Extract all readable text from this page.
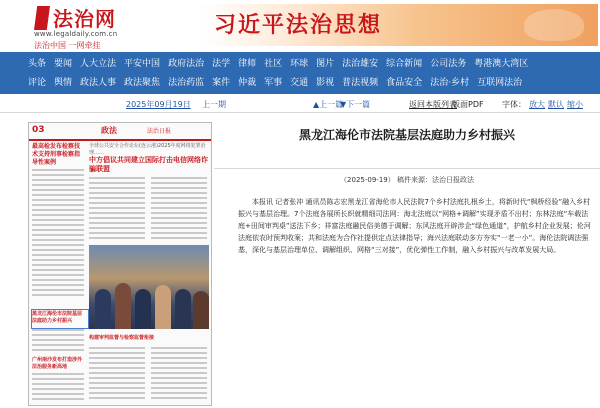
法治网
www.legaldaily.com.cn
法治中国 一网牵挂
习近平法治思想
头条 要闻 人大立法 平安中国 政府法治 法学 律师 社区 环球 图片 法治雄安 综合新闻 公司法务 粤港澳大湾区
评论 舆情 政法人事 政法聚焦 法治药监 案件 仲裁 军事 交通 影视 普法视频 食品安全 法治·乡村 互联网法治
2025年09月19日 上一期	▲上一篇
▼下一篇	返回本版列表
版面PDF 字体： 放大 默认 缩小
03	政法	法治日报
最高检发布检察技术支持刑事检察指导性案例
全球公共安全合作论坛(连云港)2025年度网络犯罪治理……
中方倡议共同建立国际打击电信网络诈骗联盟
黑龙江海伦市法院基层法庭助力乡村振兴
广州南沙发布打造涉外法治服务新高地
构建审判监督与检察监督衔接
黑龙江海伦市法院基层法庭助力乡村振兴
（2025-09-19） 稿件来源：法治日报政法
本报讯 记者张冲 通讯员陈志宏黑龙江省海伦市人民法院7个乡村法庭扎根乡土，将新时代“枫桥经验”融入乡村振兴与基层治理。7个法庭各展所长织就精细司法网：海北法庭以“网格+调解”实现矛盾不出村；东林法庭“车载法庭+田间审判桌”送法下乡；祥富法庭融民俗美德于调解；东风法庭开辟涉企“绿色通道”，护航乡村企业发展；伦河法庭依农时预判收案；共和法庭为合作社提供定点法律指导；海兴法庭联动多方夯实“一老一小”。海伦法院调法强基，深化与基层治理单位、调解组织、网格“三对接”，优化弹性工作制，融入乡村振兴与改革发展大局。
